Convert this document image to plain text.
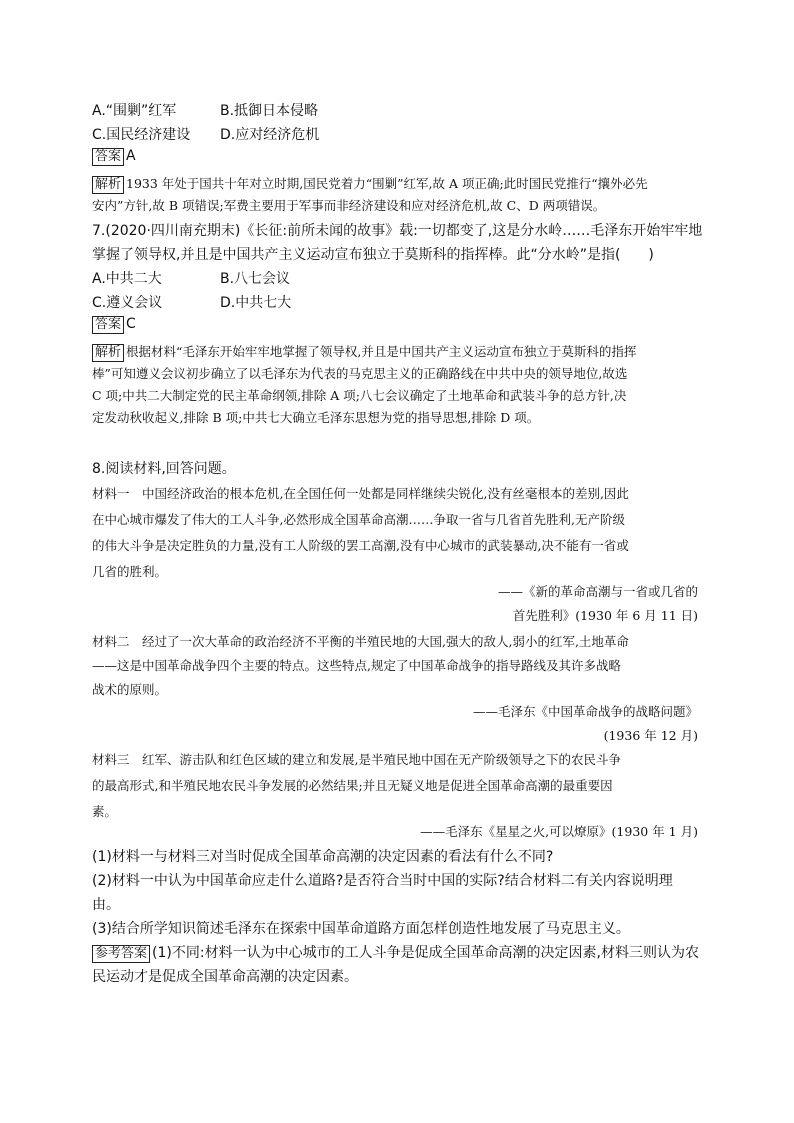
A.“围剿”红军	B.抵御日本侵略
C.国民经济建设 D.应对经济危机
答案 A
解析 1933 年处于国共十年对立时期,国民党着力“围剿”红军,故 A 项正确;此时国民党推行“攘外必先
安内”方针,故 B 项错误;军费主要用于军事而非经济建设和应对经济危机,故 C、D 两项错误。
7.(2020·四川南充期末)《长征:前所未闻的故事》载:一切都变了,这是分水岭……毛泽东开始牢牢地
掌握了领导权,并且是中国共产主义运动宣布独立于莫斯科的指挥棒。此“分水岭”是指(　　)
A.中共二大	B.八七会议
C.遵义会议	D.中共七大
答案 C
解析 根据材料“毛泽东开始牢牢地掌握了领导权,并且是中国共产主义运动宣布独立于莫斯科的指挥
棒”可知遵义会议初步确立了以毛泽东为代表的马克思主义的正确路线在中共中央的领导地位,故选
C 项;中共二大制定党的民主革命纲领,排除 A 项;八七会议确定了土地革命和武装斗争的总方针,决
定发动秋收起义,排除 B 项;中共七大确立毛泽东思想为党的指导思想,排除 D 项。
8.阅读材料,回答问题。
材料一　中国经济政治的根本危机,在全国任何一处都是同样继续尖锐化,没有丝毫根本的差别,因此
在中心城市爆发了伟大的工人斗争,必然形成全国革命高潮……争取一省与几省首先胜利,无产阶级
的伟大斗争是决定胜负的力量,没有工人阶级的罢工高潮,没有中心城市的武装暴动,决不能有一省或
几省的胜利。
——《新的革命高潮与一省或几省的
首先胜利》(1930 年 6 月 11 日)
材料二　经过了一次大革命的政治经济不平衡的半殖民地的大国,强大的敌人,弱小的红军,土地革命
——这是中国革命战争四个主要的特点。这些特点,规定了中国革命战争的指导路线及其许多战略
战术的原则。
——毛泽东《中国革命战争的战略问题》
(1936 年 12 月)
材料三　红军、游击队和红色区域的建立和发展,是半殖民地中国在无产阶级领导之下的农民斗争
的最高形式,和半殖民地农民斗争发展的必然结果;并且无疑义地是促进全国革命高潮的最重要因
素。
——毛泽东《星星之火,可以燎原》(1930 年 1 月)
(1)材料一与材料三对当时促成全国革命高潮的决定因素的看法有什么不同?
(2)材料一中认为中国革命应走什么道路?是否符合当时中国的实际?结合材料二有关内容说明理
由。
(3)结合所学知识简述毛泽东在探索中国革命道路方面怎样创造性地发展了马克思主义。
参考答案 (1)不同:材料一认为中心城市的工人斗争是促成全国革命高潮的决定因素,材料三则认为农
民运动才是促成全国革命高潮的决定因素。
